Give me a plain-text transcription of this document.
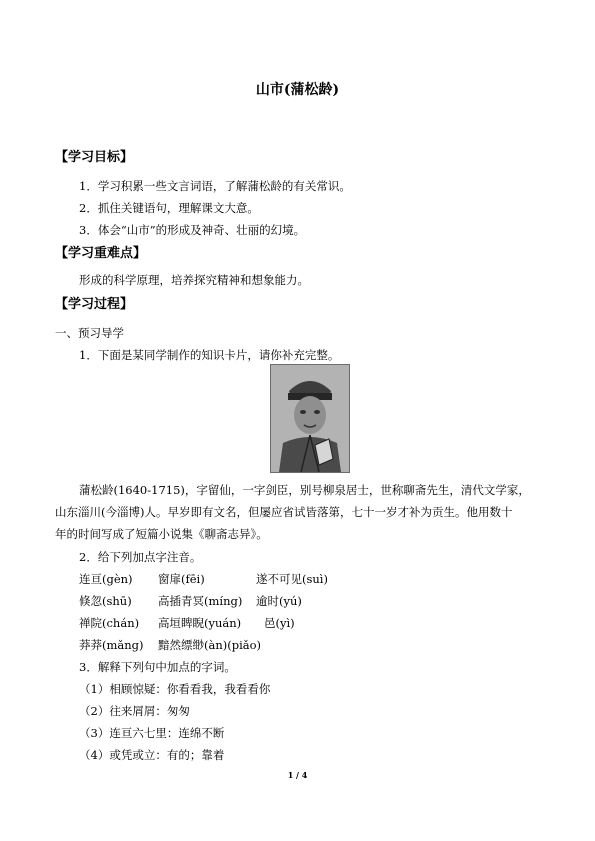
山市(蒲松龄)
【学习目标】
1．学习积累一些文言词语，了解蒲松龄的有关常识。
2．抓住关键语句，理解课文大意。
3．体会“山市”的形成及神奇、壮丽的幻境。
【学习重难点】
形成的科学原理，培养探究精神和想象能力。
【学习过程】
一、预习导学
1．下面是某同学制作的知识卡片，请你补充完整。
蒲松龄(1640-1715)，字留仙，一字剑臣，别号柳泉居士，世称聊斋先生，清代文学家，
山东淄川(今淄博)人。早岁即有文名，但屡应省试皆落第，七十一岁才补为贡生。他用数十
年的时间写成了短篇小说集《聊斋志异》。
2．给下列加点字注音。
连亘(gèn) 窗扉(fēi)	遂不可见(suì)
倏忽(shū) 高插青冥(míng) 逾时(yú)
禅院(chán) 高垣睥睨(yuán) 邑(yì)
莽莽(mǎng) 黯然缥缈(àn)(piǎo)
3．解释下列句中加点的字词。
（1）相顾惊疑：你看看我，我看看你
（2）往来屑屑：匆匆
（3）连亘六七里：连绵不断
（4）或凭或立：有的；靠着
1 / 4
